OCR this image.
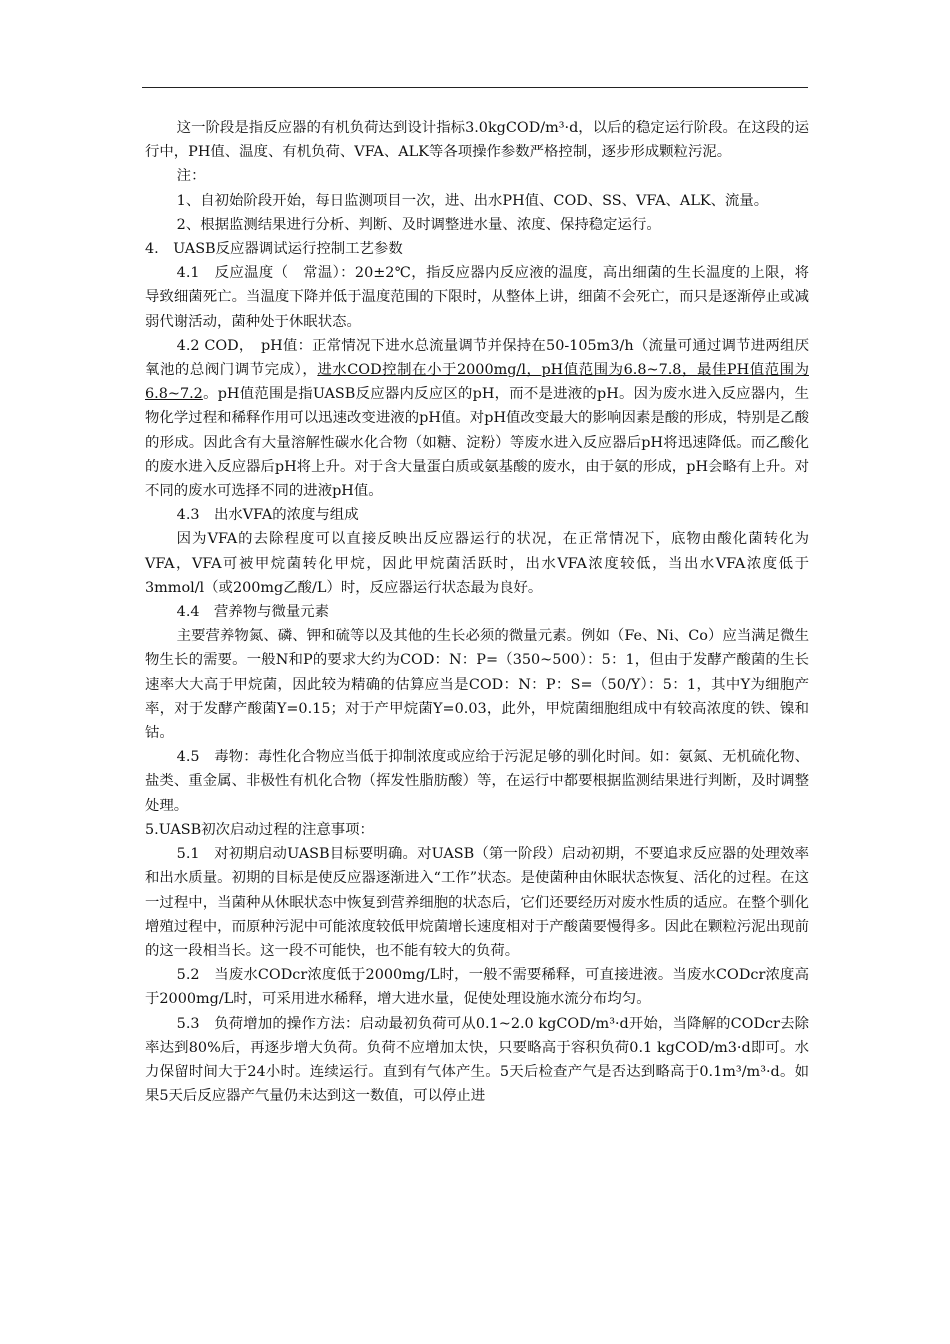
这一阶段是指反应器的有机负荷达到设计指标3.0kgCOD/m³·d，以后的稳定运行阶段。在这段的运行中，PH值、温度、有机负荷、VFA、ALK等各项操作参数严格控制，逐步形成颗粒污泥。

注：

1、自初始阶段开始，每日监测项目一次，进、出水PH值、COD、SS、VFA、ALK、流量。

2、根据监测结果进行分析、判断、及时调整进水量、浓度、保持稳定运行。

4.　UASB反应器调试运行控制工艺参数

4.1　反应温度（　常温）：20±2℃，指反应器内反应液的温度，高出细菌的生长温度的上限，将导致细菌死亡。当温度下降并低于温度范围的下限时，从整体上讲，细菌不会死亡，而只是逐渐停止或减弱代谢活动，菌种处于休眠状态。

4.2 COD，　pH值：正常情况下进水总流量调节并保持在50-105m3/h（流量可通过调节进两组厌氧池的总阀门调节完成），进水COD控制在小于2000mg/l，pH值范围为6.8~7.8，最佳PH值范围为6.8~7.2。pH值范围是指UASB反应器内反应区的pH，而不是进液的pH。因为废水进入反应器内，生物化学过程和稀释作用可以迅速改变进液的pH值。对pH值改变最大的影响因素是酸的形成，特别是乙酸的形成。因此含有大量溶解性碳水化合物（如糖、淀粉）等废水进入反应器后pH将迅速降低。而乙酸化的废水进入反应器后pH将上升。对于含大量蛋白质或氨基酸的废水，由于氨的形成，pH会略有上升。对不同的废水可选择不同的进液pH值。

4.3　出水VFA的浓度与组成

因为VFA的去除程度可以直接反映出反应器运行的状况，在正常情况下，底物由酸化菌转化为VFA，VFA可被甲烷菌转化甲烷，因此甲烷菌活跃时，出水VFA浓度较低，当出水VFA浓度低于3mmol/l（或200mg乙酸/L）时，反应器运行状态最为良好。

4.4　营养物与微量元素

主要营养物氮、磷、钾和硫等以及其他的生长必须的微量元素。例如（Fe、Ni、Co）应当满足微生物生长的需要。一般N和P的要求大约为COD：N：P=（350~500）：5：1，但由于发酵产酸菌的生长速率大大高于甲烷菌，因此较为精确的估算应当是COD：N：P：S=（50/Y）：5：1，其中Y为细胞产率，对于发酵产酸菌Y=0.15；对于产甲烷菌Y=0.03，此外，甲烷菌细胞组成中有较高浓度的铁、镍和钴。

4.5　毒物：毒性化合物应当低于抑制浓度或应给于污泥足够的驯化时间。如：氨氮、无机硫化物、盐类、重金属、非极性有机化合物（挥发性脂肪酸）等，在运行中都要根据监测结果进行判断，及时调整处理。

5.UASB初次启动过程的注意事项：

5.1　对初期启动UASB目标要明确。对UASB（第一阶段）启动初期，不要追求反应器的处理效率和出水质量。初期的目标是使反应器逐渐进入“工作”状态。是使菌种由休眠状态恢复、活化的过程。在这一过程中，当菌种从休眠状态中恢复到营养细胞的状态后，它们还要经历对废水性质的适应。在整个驯化增殖过程中，而原种污泥中可能浓度较低甲烷菌增长速度相对于产酸菌要慢得多。因此在颗粒污泥出现前的这一段相当长。这一段不可能快，也不能有较大的负荷。

5.2　当废水CODcr浓度低于2000mg/L时，一般不需要稀释，可直接进液。当废水CODcr浓度高于2000mg/L时，可采用进水稀释，增大进水量，促使处理设施水流分布均匀。

5.3　负荷增加的操作方法：启动最初负荷可从0.1~2.0 kgCOD/m³·d开始，当降解的CODcr去除率达到80%后，再逐步增大负荷。负荷不应增加太快，只要略高于容积负荷0.1 kgCOD/m3·d即可。水力保留时间大于24小时。连续运行。直到有气体产生。5天后检查产气是否达到略高于0.1m³/m³·d。如果5天后反应器产气量仍未达到这一数值，可以停止进
